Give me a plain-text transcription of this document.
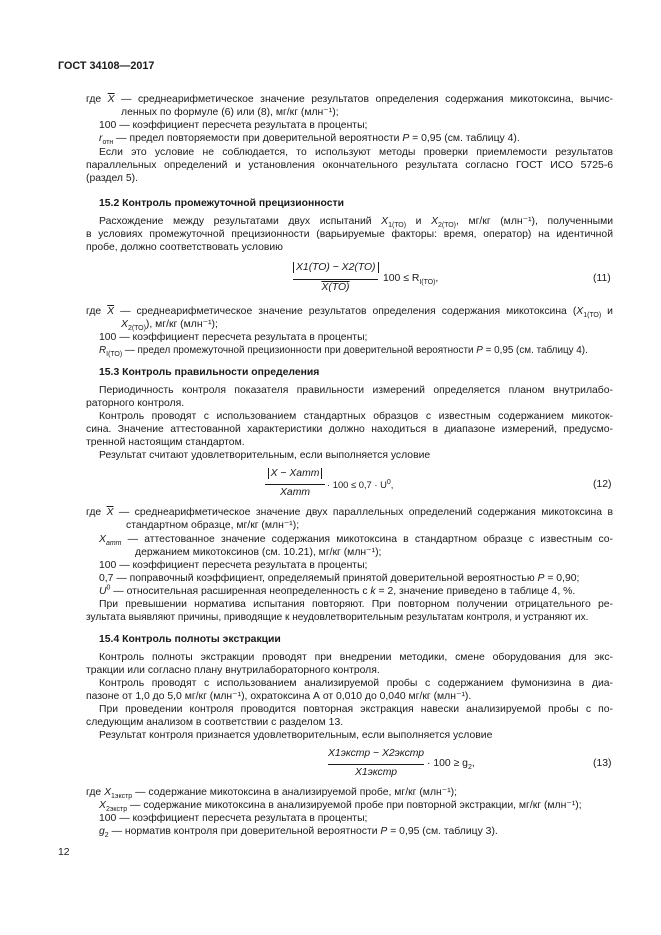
ГОСТ 34108—2017
где $\overline{X}$ — среднеарифметическое значение результатов определения содержания микотоксина, вычис-
ленных по формуле (6) или (8), мг/кг (млн⁻¹);
100 — коэффициент пересчета результата в проценты;
$r_{отн}$ — предел повторяемости при доверительной вероятности P = 0,95 (см. таблицу 4).
Если это условие не соблюдается, то используют методы проверки приемлемости результатов
параллельных определений и установления окончательного результата согласно ГОСТ ИСО 5725-6
(раздел 5).
15.2 Контроль промежуточной прецизионности
Расхождение между результатами двух испытаний $X_{1(ТО)}$ и $X_{2(ТО)}$, мг/кг (млн⁻¹), полученными
в условиях промежуточной прецизионности (варьируемые факторы: время, оператор) на идентичной
пробе, должно соответствовать условию
X1(ТО) − X2(ТО)
X(ТО)
$100 \le R_{I(ТО)}$,	(11)
где $\overline{X}$ — среднеарифметическое значение результатов определения содержания микотоксина ($X_{1(ТО)}$ и
$X_{2(ТО)}$), мг/кг (млн⁻¹);
100 — коэффициент пересчета результата в проценты;
$R_{I(ТО)}$ — предел промежуточной прецизионности при доверительной вероятности P = 0,95 (см. таблицу 4).
15.3 Контроль правильности определения
Периодичность контроля показателя правильности измерений определяется планом внутрилабо-
раторного контроля.
Контроль проводят с использованием стандартных образцов с известным содержанием микоток-
сина. Значение аттестованной характеристики должно находиться в диапазоне измерений, предусмо-
тренной настоящим стандартом.
Результат считают удовлетворительным, если выполняется условие
X − Xamm
Xamm
· $100 \le 0,7 \cdot U^0$,	(12)
где $\overline{X}$ — среднеарифметическое значение двух параллельных определений содержания микотоксина в
стандартном образце, мг/кг (млн⁻¹);
$X_{amm}$ — аттестованное значение содержания микотоксина в стандартном образце с известным со-
держанием микотоксинов (см. 10.21), мг/кг (млн⁻¹);
100 — коэффициент пересчета результата в проценты;
0,7 — поправочный коэффициент, определяемый принятой доверительной вероятностью P = 0,90;
$U^0$ — относительная расширенная неопределенность с k = 2, значение приведено в таблице 4, %.
При превышении норматива испытания повторяют. При повторном получении отрицательного ре-
зультата выявляют причины, приводящие к неудовлетворительным результатам контроля, и устраняют их.
15.4 Контроль полноты экстракции
Контроль полноты экстракции проводят при внедрении методики, смене оборудования для экс-
тракции или согласно плану внутрилабораторного контроля.
Контроль проводят с использованием анализируемой пробы с содержанием фумонизина в диа-
пазоне от 1,0 до 5,0 мг/кг (млн⁻¹), охратоксина А от 0,010 до 0,040 мг/кг (млн⁻¹).
При проведении контроля проводится повторная экстракция навески анализируемой пробы с по-
следующим анализом в соответствии с разделом 13.
Результат контроля признается удовлетворительным, если выполняется условие
X1экстр − X2экстр
X1экстр
· $100 \ge g_2$,	(13)
где $X_{1экстр}$ — содержание микотоксина в анализируемой пробе, мг/кг (млн⁻¹);
$X_{2экстр}$ — содержание микотоксина в анализируемой пробе при повторной экстракции, мг/кг (млн⁻¹);
100 — коэффициент пересчета результата в проценты;
$g_2$ — норматив контроля при доверительной вероятности P = 0,95 (см. таблицу 3).
12
